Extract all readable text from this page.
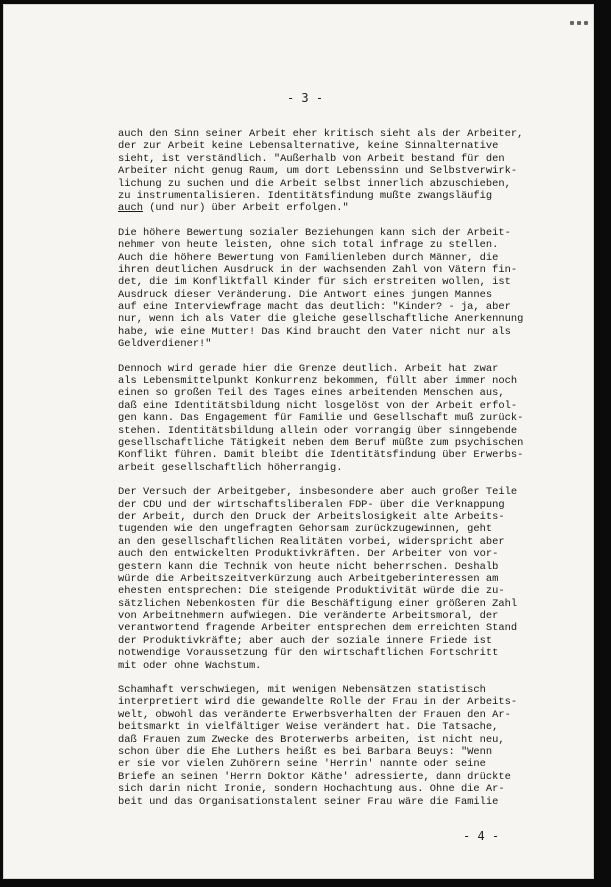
- 3 -
auch den Sinn seiner Arbeit eher kritisch sieht als der Arbeiter,
der zur Arbeit keine Lebensalternative, keine Sinnalternative
sieht, ist verständlich. "Außerhalb von Arbeit bestand für den
Arbeiter nicht genug Raum, um dort Lebenssinn und Selbstverwirk-
lichung zu suchen und die Arbeit selbst innerlich abzuschieben,
zu instrumentalisieren. Identitätsfindung mußte zwangsläufig
auch (und nur) über Arbeit erfolgen."
Die höhere Bewertung sozialer Beziehungen kann sich der Arbeit-
nehmer von heute leisten, ohne sich total infrage zu stellen.
Auch die höhere Bewertung von Familienleben durch Männer, die
ihren deutlichen Ausdruck in der wachsenden Zahl von Vätern fin-
det, die im Konfliktfall Kinder für sich erstreiten wollen, ist
Ausdruck dieser Veränderung. Die Antwort eines jungen Mannes
auf eine Interviewfrage macht das deutlich: "Kinder? - ja, aber
nur, wenn ich als Vater die gleiche gesellschaftliche Anerkennung
habe, wie eine Mutter! Das Kind braucht den Vater nicht nur als
Geldverdiener!"
Dennoch wird gerade hier die Grenze deutlich. Arbeit hat zwar
als Lebensmittelpunkt Konkurrenz bekommen, füllt aber immer noch
einen so großen Teil des Tages eines arbeitenden Menschen aus,
daß eine Identitätsbildung nicht losgelöst von der Arbeit erfol-
gen kann. Das Engagement für Familie und Gesellschaft muß zurück-
stehen. Identitätsbildung allein oder vorrangig über sinngebende
gesellschaftliche Tätigkeit neben dem Beruf müßte zum psychischen
Konflikt führen. Damit bleibt die Identitätsfindung über Erwerbs-
arbeit gesellschaftlich höherrangig.
Der Versuch der Arbeitgeber, insbesondere aber auch großer Teile
der CDU und der wirtschaftsliberalen FDP- über die Verknappung
der Arbeit, durch den Druck der Arbeitslosigkeit alte Arbeits-
tugenden wie den ungefragten Gehorsam zurückzugewinnen, geht
an den gesellschaftlichen Realitäten vorbei, widerspricht aber
auch den entwickelten Produktivkräften. Der Arbeiter von vor-
gestern kann die Technik von heute nicht beherrschen. Deshalb
würde die Arbeitszeitverkürzung auch Arbeitgeberinteressen am
ehesten entsprechen: Die steigende Produktivität würde die zu-
sätzlichen Nebenkosten für die Beschäftigung einer größeren Zahl
von Arbeitnehmern aufwiegen. Die veränderte Arbeitsmoral, der
verantwortend fragende Arbeiter entsprechen dem erreichten Stand
der Produktivkräfte; aber auch der soziale innere Friede ist
notwendige Voraussetzung für den wirtschaftlichen Fortschritt
mit oder ohne Wachstum.
Schamhaft verschwiegen, mit wenigen Nebensätzen statistisch
interpretiert wird die gewandelte Rolle der Frau in der Arbeits-
welt, obwohl das veränderte Erwerbsverhalten der Frauen den Ar-
beitsmarkt in vielfältiger Weise verändert hat. Die Tatsache,
daß Frauen zum Zwecke des Broterwerbs arbeiten, ist nicht neu,
schon über die Ehe Luthers heißt es bei Barbara Beuys: "Wenn
er sie vor vielen Zuhörern seine 'Herrin' nannte oder seine
Briefe an seinen 'Herrn Doktor Käthe' adressierte, dann drückte
sich darin nicht Ironie, sondern Hochachtung aus. Ohne die Ar-
beit und das Organisationstalent seiner Frau wäre die Familie
- 4 -
